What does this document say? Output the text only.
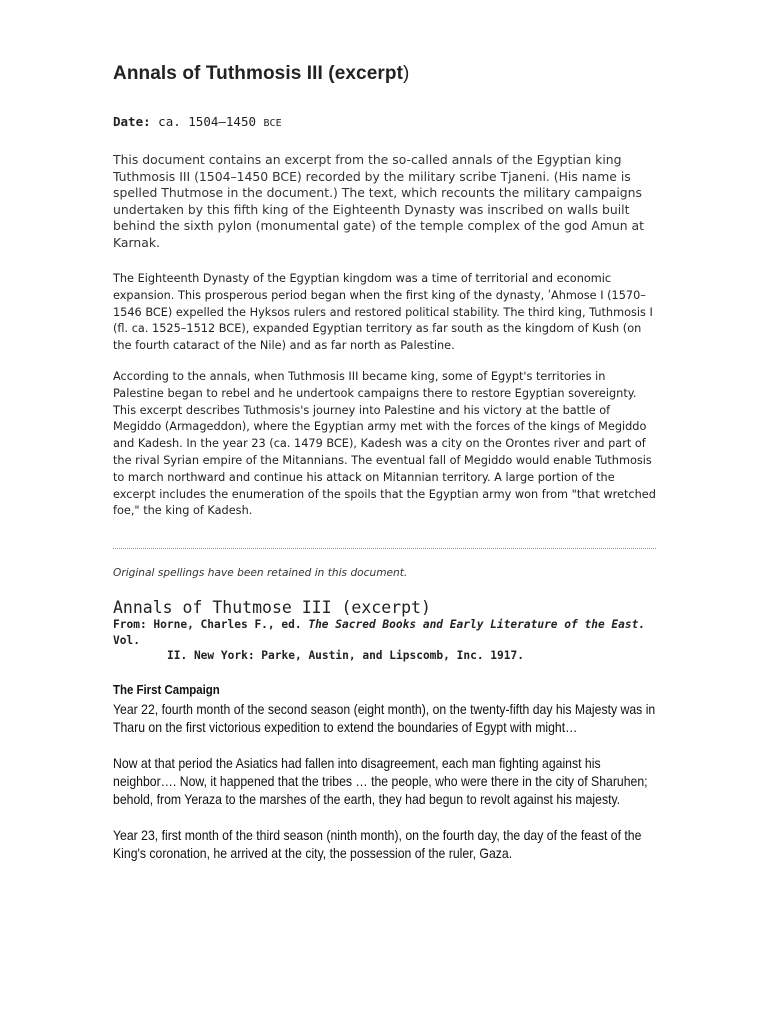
Annals of Tuthmosis III (excerpt)
Date: ca. 1504–1450 BCE

This document contains an excerpt from the so-called annals of the Egyptian king Tuthmosis III (1504–1450 BCE) recorded by the military scribe Tjaneni. (His name is spelled Thutmose in the document.) The text, which recounts the military campaigns undertaken by this fifth king of the Eighteenth Dynasty was inscribed on walls built behind the sixth pylon (monumental gate) of the temple complex of the god Amun at Karnak.

The Eighteenth Dynasty of the Egyptian kingdom was a time of territorial and economic expansion. This prosperous period began when the first king of the dynasty, ʹAhmose I (1570–1546 BCE) expelled the Hyksos rulers and restored political stability. The third king, Tuthmosis I (fl. ca. 1525–1512 BCE), expanded Egyptian territory as far south as the kingdom of Kush (on the fourth cataract of the Nile) and as far north as Palestine.

According to the annals, when Tuthmosis III became king, some of Egypt's territories in Palestine began to rebel and he undertook campaigns there to restore Egyptian sovereignty. This excerpt describes Tuthmosis's journey into Palestine and his victory at the battle of Megiddo (Armageddon), where the Egyptian army met with the forces of the kings of Megiddo and Kadesh. In the year 23 (ca. 1479 BCE), Kadesh was a city on the Orontes river and part of the rival Syrian empire of the Mitannians. The eventual fall of Megiddo would enable Tuthmosis to march northward and continue his attack on Mitannian territory. A large portion of the excerpt includes the enumeration of the spoils that the Egyptian army won from "that wretched foe," the king of Kadesh.

Original spellings have been retained in this document.
Annals of Thutmose III (excerpt)
From: Horne, Charles F., ed. The Sacred Books and Early Literature of the East. Vol.
II. New York: Parke, Austin, and Lipscomb, Inc. 1917.
The First Campaign

Year 22, fourth month of the second season (eight month), on the twenty-fifth day his Majesty was in Tharu on the first victorious expedition to extend the boundaries of Egypt with might…

Now at that period the Asiatics had fallen into disagreement, each man fighting against his neighbor…. Now, it happened that the tribes … the people, who were there in the city of Sharuhen; behold, from Yeraza to the marshes of the earth, they had begun to revolt against his majesty.

Year 23, first month of the third season (ninth month), on the fourth day, the day of the feast of the King's coronation, he arrived at the city, the possession of the ruler, Gaza.
